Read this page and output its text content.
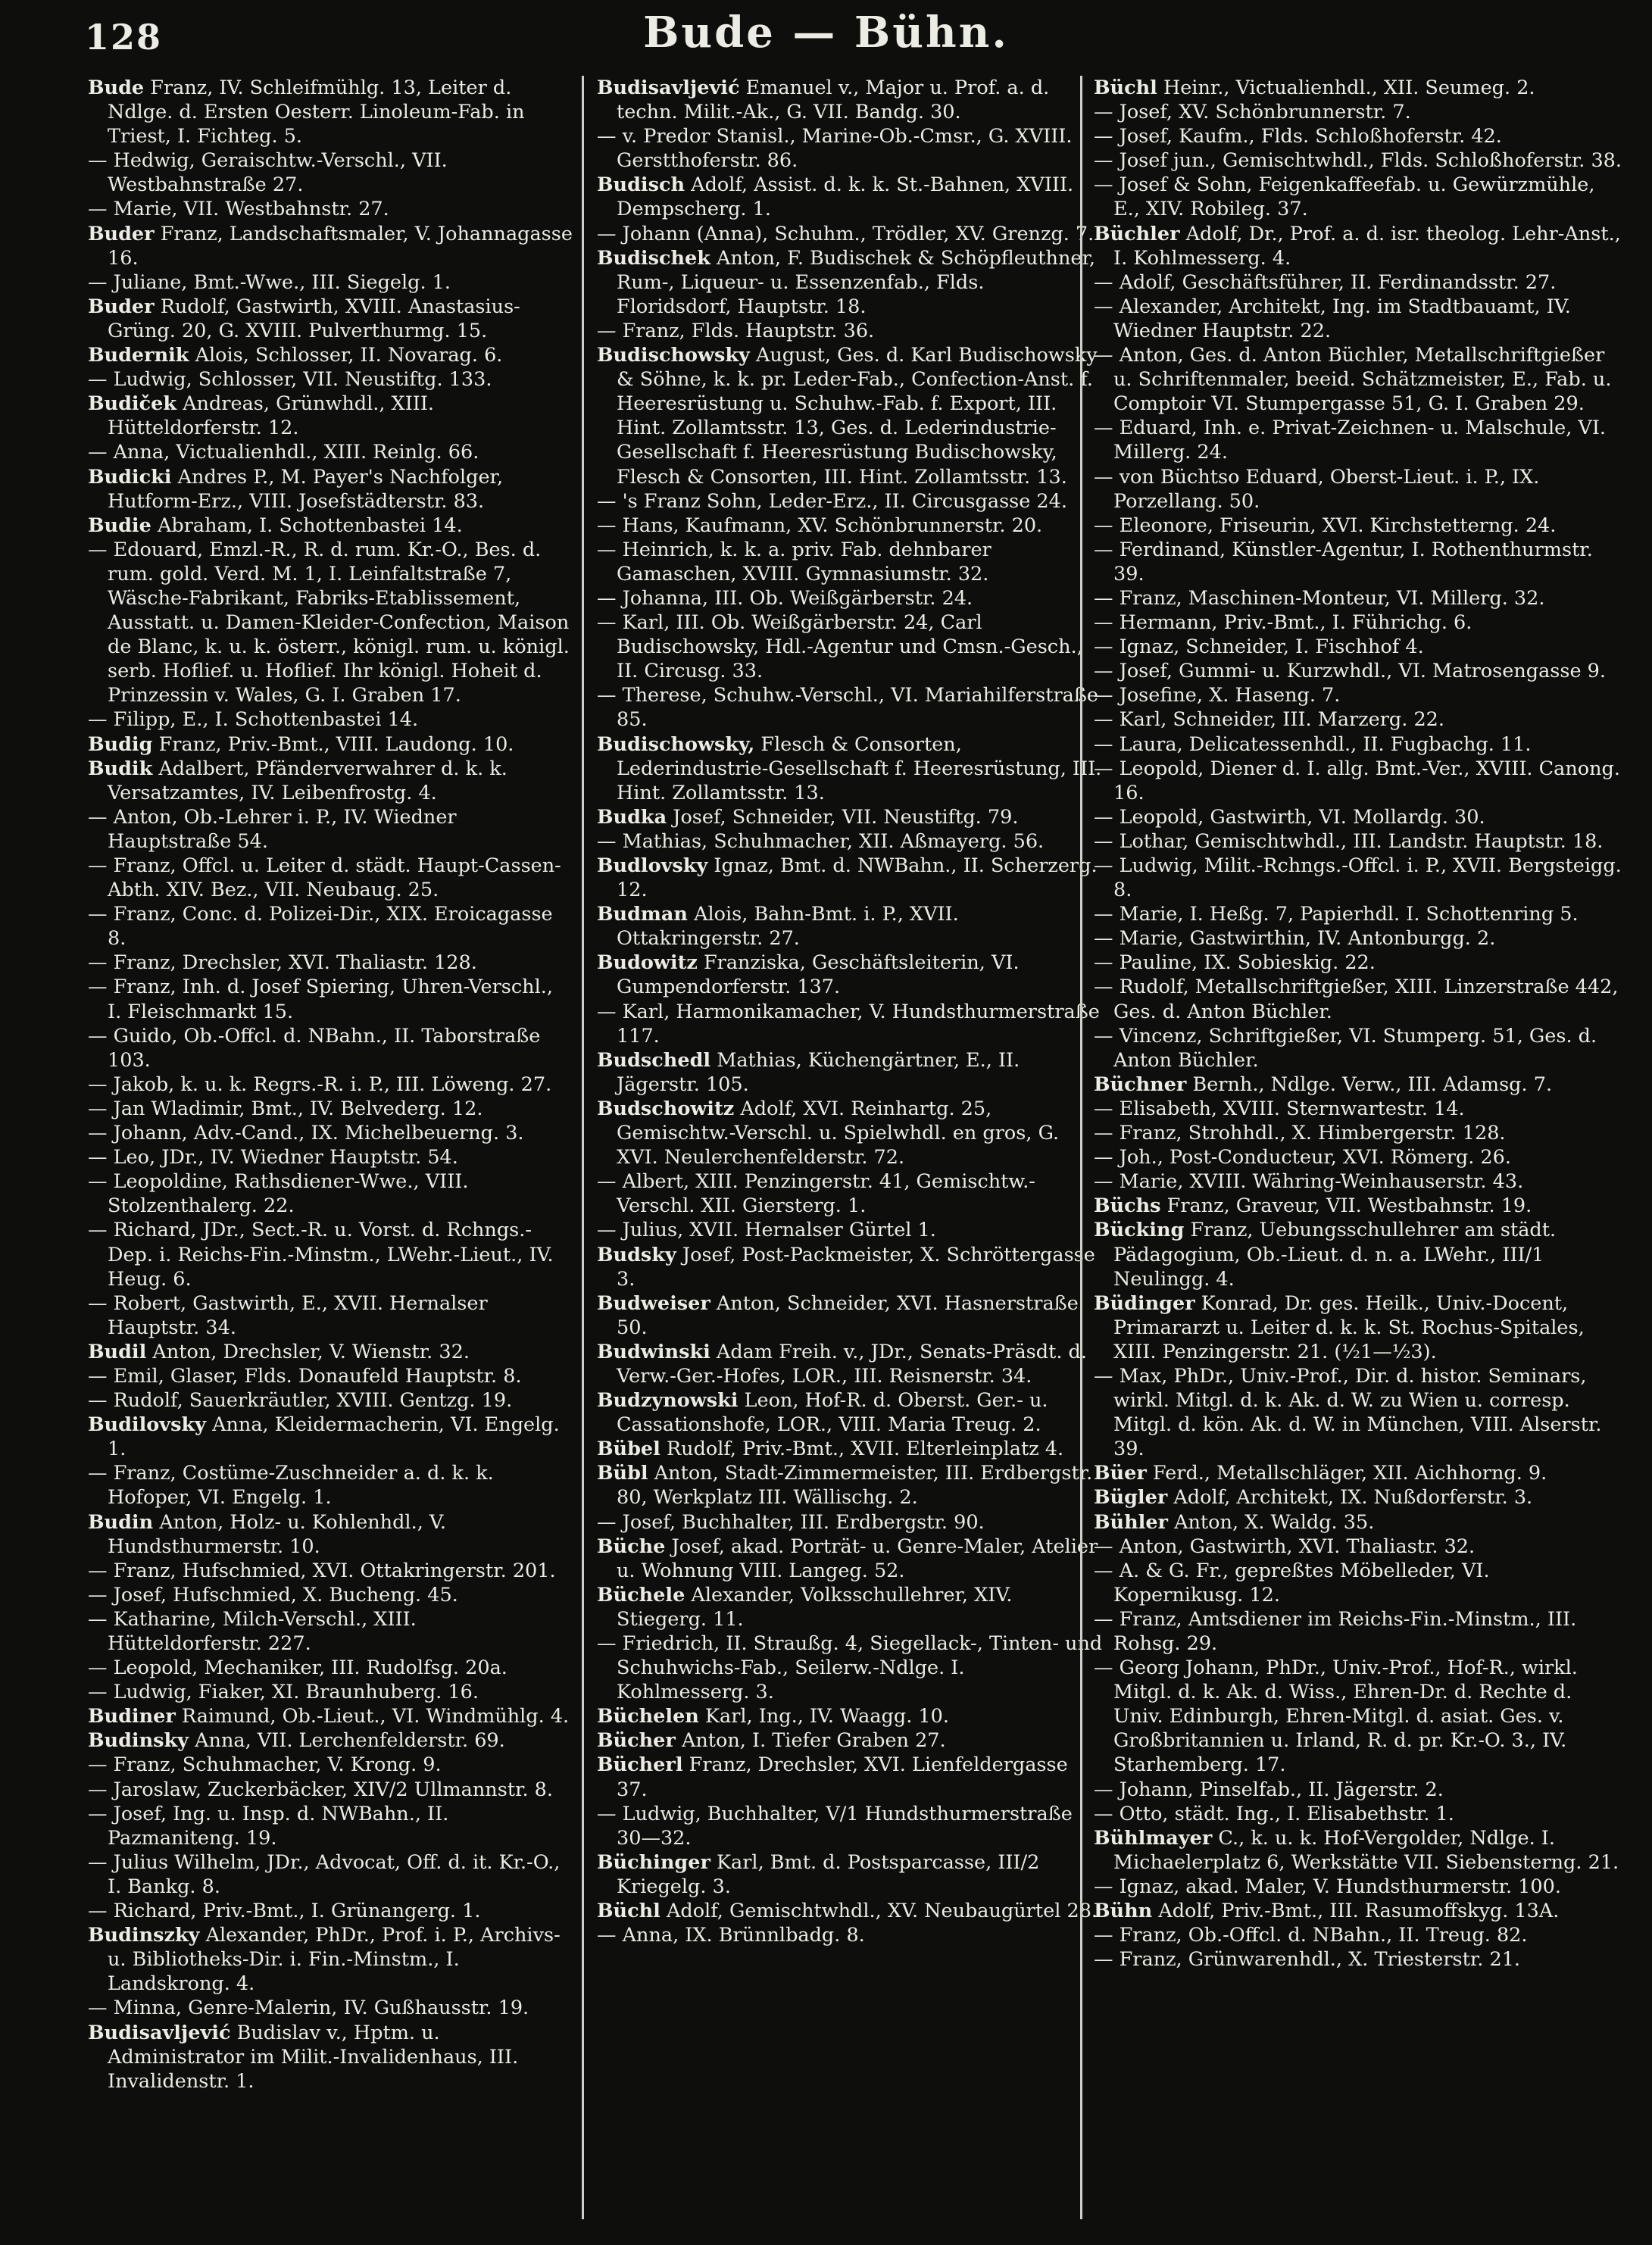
128	Bude — Bühn.

Bude Franz, IV. Schleifmühlg. 13, Leiter d. Ndlge. d. Ersten Oesterr. Linoleum-Fab. in Triest, I. Fichteg. 5.

— Hedwig, Geraischtw.-Verschl., VII. Westbahnstraße 27.

— Marie, VII. Westbahnstr. 27.

Buder Franz, Landschaftsmaler, V. Johannagasse 16.

— Juliane, Bmt.-Wwe., III. Siegelg. 1.

Buder Rudolf, Gastwirth, XVIII. Anastasius-Grüng. 20, G. XVIII. Pulverthurmg. 15.

Budernik Alois, Schlosser, II. Novarag. 6.

— Ludwig, Schlosser, VII. Neustiftg. 133.

Budiček Andreas, Grünwhdl., XIII. Hütteldorferstr. 12.

— Anna, Victualienhdl., XIII. Reinlg. 66.

Budicki Andres P., M. Payer's Nachfolger, Hutform-Erz., VIII. Josefstädterstr. 83.

Budie Abraham, I. Schottenbastei 14.

— Edouard, Emzl.-R., R. d. rum. Kr.-O., Bes. d. rum. gold. Verd. M. 1, I. Leinfaltstraße 7, Wäsche-Fabrikant, Fabriks-Etablissement, Ausstatt. u. Damen-Kleider-Confection, Maison de Blanc, k. u. k. österr., königl. rum. u. königl. serb. Hoflief. u. Hoflief. Ihr königl. Hoheit d. Prinzessin v. Wales, G. I. Graben 17.

— Filipp, E., I. Schottenbastei 14.

Budig Franz, Priv.-Bmt., VIII. Laudong. 10.

Budik Adalbert, Pfänderverwahrer d. k. k. Versatzamtes, IV. Leibenfrostg. 4.

— Anton, Ob.-Lehrer i. P., IV. Wiedner Hauptstraße 54.

— Franz, Offcl. u. Leiter d. städt. Haupt-Cassen-Abth. XIV. Bez., VII. Neubaug. 25.

— Franz, Conc. d. Polizei-Dir., XIX. Eroicagasse 8.

— Franz, Drechsler, XVI. Thaliastr. 128.

— Franz, Inh. d. Josef Spiering, Uhren-Verschl., I. Fleischmarkt 15.

— Guido, Ob.-Offcl. d. NBahn., II. Taborstraße 103.

— Jakob, k. u. k. Regrs.-R. i. P., III. Löweng. 27.

— Jan Wladimir, Bmt., IV. Belvederg. 12.

— Johann, Adv.-Cand., IX. Michelbeuerng. 3.

— Leo, JDr., IV. Wiedner Hauptstr. 54.

— Leopoldine, Rathsdiener-Wwe., VIII. Stolzenthalerg. 22.

— Richard, JDr., Sect.-R. u. Vorst. d. Rchngs.-Dep. i. Reichs-Fin.-Minstm., LWehr.-Lieut., IV. Heug. 6.

— Robert, Gastwirth, E., XVII. Hernalser Hauptstr. 34.

Budil Anton, Drechsler, V. Wienstr. 32.

— Emil, Glaser, Flds. Donaufeld Hauptstr. 8.

— Rudolf, Sauerkräutler, XVIII. Gentzg. 19.

Budilovsky Anna, Kleidermacherin, VI. Engelg. 1.

— Franz, Costüme-Zuschneider a. d. k. k. Hofoper, VI. Engelg. 1.

Budin Anton, Holz- u. Kohlenhdl., V. Hundsthurmerstr. 10.

— Franz, Hufschmied, XVI. Ottakringerstr. 201.

— Josef, Hufschmied, X. Bucheng. 45.

— Katharine, Milch-Verschl., XIII. Hütteldorferstr. 227.

— Leopold, Mechaniker, III. Rudolfsg. 20a.

— Ludwig, Fiaker, XI. Braunhuberg. 16.

Budiner Raimund, Ob.-Lieut., VI. Windmühlg. 4.

Budinsky Anna, VII. Lerchenfelderstr. 69.

— Franz, Schuhmacher, V. Krong. 9.

— Jaroslaw, Zuckerbäcker, XIV/2 Ullmannstr. 8.

— Josef, Ing. u. Insp. d. NWBahn., II. Pazmaniteng. 19.

— Julius Wilhelm, JDr., Advocat, Off. d. it. Kr.-O., I. Bankg. 8.

— Richard, Priv.-Bmt., I. Grünangerg. 1.

Budinszky Alexander, PhDr., Prof. i. P., Archivs- u. Bibliotheks-Dir. i. Fin.-Minstm., I. Landskrong. 4.

— Minna, Genre-Malerin, IV. Gußhausstr. 19.

Budisavljević Budislav v., Hptm. u. Administrator im Milit.-Invalidenhaus, III. Invalidenstr. 1.

Budisavljević Emanuel v., Major u. Prof. a. d. techn. Milit.-Ak., G. VII. Bandg. 30.

— v. Predor Stanisl., Marine-Ob.-Cmsr., G. XVIII. Gerstthoferstr. 86.

Budisch Adolf, Assist. d. k. k. St.-Bahnen, XVIII. Dempscherg. 1.

— Johann (Anna), Schuhm., Trödler, XV. Grenzg. 7.

Budischek Anton, F. Budischek & Schöpfleuthner, Rum-, Liqueur- u. Essenzenfab., Flds. Floridsdorf, Hauptstr. 18.

— Franz, Flds. Hauptstr. 36.

Budischowsky August, Ges. d. Karl Budischowsky & Söhne, k. k. pr. Leder-Fab., Confection-Anst. f. Heeresrüstung u. Schuhw.-Fab. f. Export, III. Hint. Zollamtsstr. 13, Ges. d. Lederindustrie-Gesellschaft f. Heeresrüstung Budischowsky, Flesch & Consorten, III. Hint. Zollamtsstr. 13.

— 's Franz Sohn, Leder-Erz., II. Circusgasse 24.

— Hans, Kaufmann, XV. Schönbrunnerstr. 20.

— Heinrich, k. k. a. priv. Fab. dehnbarer Gamaschen, XVIII. Gymnasiumstr. 32.

— Johanna, III. Ob. Weißgärberstr. 24.

— Karl, III. Ob. Weißgärberstr. 24, Carl Budischowsky, Hdl.-Agentur und Cmsn.-Gesch., II. Circusg. 33.

— Therese, Schuhw.-Verschl., VI. Mariahilferstraße 85.

Budischowsky, Flesch & Consorten, Lederindustrie-Gesellschaft f. Heeresrüstung, III. Hint. Zollamtsstr. 13.

Budka Josef, Schneider, VII. Neustiftg. 79.

— Mathias, Schuhmacher, XII. Aßmayerg. 56.

Budlovsky Ignaz, Bmt. d. NWBahn., II. Scherzerg. 12.

Budman Alois, Bahn-Bmt. i. P., XVII. Ottakringerstr. 27.

Budowitz Franziska, Geschäftsleiterin, VI. Gumpendorferstr. 137.

— Karl, Harmonikamacher, V. Hundsthurmerstraße 117.

Budschedl Mathias, Küchengärtner, E., II. Jägerstr. 105.

Budschowitz Adolf, XVI. Reinhartg. 25, Gemischtw.-Verschl. u. Spielwhdl. en gros, G. XVI. Neulerchenfelderstr. 72.

— Albert, XIII. Penzingerstr. 41, Gemischtw.-Verschl. XII. Giersterg. 1.

— Julius, XVII. Hernalser Gürtel 1.

Budsky Josef, Post-Packmeister, X. Schröttergasse 3.

Budweiser Anton, Schneider, XVI. Hasnerstraße 50.

Budwinski Adam Freih. v., JDr., Senats-Präsdt. d. Verw.-Ger.-Hofes, LOR., III. Reisnerstr. 34.

Budzynowski Leon, Hof-R. d. Oberst. Ger.- u. Cassationshofe, LOR., VIII. Maria Treug. 2.

Bübel Rudolf, Priv.-Bmt., XVII. Elterleinplatz 4.

Bübl Anton, Stadt-Zimmermeister, III. Erdbergstr. 80, Werkplatz III. Wällischg. 2.

— Josef, Buchhalter, III. Erdbergstr. 90.

Büche Josef, akad. Porträt- u. Genre-Maler, Atelier u. Wohnung VIII. Langeg. 52.

Büchele Alexander, Volksschullehrer, XIV. Stiegerg. 11.

— Friedrich, II. Straußg. 4, Siegellack-, Tinten- und Schuhwichs-Fab., Seilerw.-Ndlge. I. Kohlmesserg. 3.

Büchelen Karl, Ing., IV. Waagg. 10.

Bücher Anton, I. Tiefer Graben 27.

Bücherl Franz, Drechsler, XVI. Lienfeldergasse 37.

— Ludwig, Buchhalter, V/1 Hundsthurmerstraße 30—32.

Büchinger Karl, Bmt. d. Postsparcasse, III/2 Kriegelg. 3.

Büchl Adolf, Gemischtwhdl., XV. Neubaugürtel 28.

— Anna, IX. Brünnlbadg. 8.

Büchl Heinr., Victualienhdl., XII. Seumeg. 2.

— Josef, XV. Schönbrunnerstr. 7.

— Josef, Kaufm., Flds. Schloßhoferstr. 42.

— Josef jun., Gemischtwhdl., Flds. Schloßhoferstr. 38.

— Josef & Sohn, Feigenkaffeefab. u. Gewürzmühle, E., XIV. Robileg. 37.

Büchler Adolf, Dr., Prof. a. d. isr. theolog. Lehr-Anst., I. Kohlmesserg. 4.

— Adolf, Geschäftsführer, II. Ferdinandsstr. 27.

— Alexander, Architekt, Ing. im Stadtbauamt, IV. Wiedner Hauptstr. 22.

— Anton, Ges. d. Anton Büchler, Metallschriftgießer u. Schriftenmaler, beeid. Schätzmeister, E., Fab. u. Comptoir VI. Stumpergasse 51, G. I. Graben 29.

— Eduard, Inh. e. Privat-Zeichnen- u. Malschule, VI. Millerg. 24.

— von Büchtso Eduard, Oberst-Lieut. i. P., IX. Porzellang. 50.

— Eleonore, Friseurin, XVI. Kirchstetterng. 24.

— Ferdinand, Künstler-Agentur, I. Rothenthurmstr. 39.

— Franz, Maschinen-Monteur, VI. Millerg. 32.

— Hermann, Priv.-Bmt., I. Führichg. 6.

— Ignaz, Schneider, I. Fischhof 4.

— Josef, Gummi- u. Kurzwhdl., VI. Matrosengasse 9.

— Josefine, X. Haseng. 7.

— Karl, Schneider, III. Marzerg. 22.

— Laura, Delicatessenhdl., II. Fugbachg. 11.

— Leopold, Diener d. I. allg. Bmt.-Ver., XVIII. Canong. 16.

— Leopold, Gastwirth, VI. Mollardg. 30.

— Lothar, Gemischtwhdl., III. Landstr. Hauptstr. 18.

— Ludwig, Milit.-Rchngs.-Offcl. i. P., XVII. Bergsteigg. 8.

— Marie, I. Heßg. 7, Papierhdl. I. Schottenring 5.

— Marie, Gastwirthin, IV. Antonburgg. 2.

— Pauline, IX. Sobieskig. 22.

— Rudolf, Metallschriftgießer, XIII. Linzerstraße 442, Ges. d. Anton Büchler.

— Vincenz, Schriftgießer, VI. Stumperg. 51, Ges. d. Anton Büchler.

Büchner Bernh., Ndlge. Verw., III. Adamsg. 7.

— Elisabeth, XVIII. Sternwartestr. 14.

— Franz, Strohhdl., X. Himbergerstr. 128.

— Joh., Post-Conducteur, XVI. Römerg. 26.

— Marie, XVIII. Währing-Weinhauserstr. 43.

Büchs Franz, Graveur, VII. Westbahnstr. 19.

Bücking Franz, Uebungsschullehrer am städt. Pädagogium, Ob.-Lieut. d. n. a. LWehr., III/1 Neulingg. 4.

Büdinger Konrad, Dr. ges. Heilk., Univ.-Docent, Primararzt u. Leiter d. k. k. St. Rochus-Spitales, XIII. Penzingerstr. 21. (½1—½3).

— Max, PhDr., Univ.-Prof., Dir. d. histor. Seminars, wirkl. Mitgl. d. k. Ak. d. W. zu Wien u. corresp. Mitgl. d. kön. Ak. d. W. in München, VIII. Alserstr. 39.

Büer Ferd., Metallschläger, XII. Aichhorng. 9.

Bügler Adolf, Architekt, IX. Nußdorferstr. 3.

Bühler Anton, X. Waldg. 35.

— Anton, Gastwirth, XVI. Thaliastr. 32.

— A. & G. Fr., gepreßtes Möbelleder, VI. Kopernikusg. 12.

— Franz, Amtsdiener im Reichs-Fin.-Minstm., III. Rohsg. 29.

— Georg Johann, PhDr., Univ.-Prof., Hof-R., wirkl. Mitgl. d. k. Ak. d. Wiss., Ehren-Dr. d. Rechte d. Univ. Edinburgh, Ehren-Mitgl. d. asiat. Ges. v. Großbritannien u. Irland, R. d. pr. Kr.-O. 3., IV. Starhemberg. 17.

— Johann, Pinselfab., II. Jägerstr. 2.

— Otto, städt. Ing., I. Elisabethstr. 1.

Bühlmayer C., k. u. k. Hof-Vergolder, Ndlge. I. Michaelerplatz 6, Werkstätte VII. Siebensterng. 21.

— Ignaz, akad. Maler, V. Hundsthurmerstr. 100.

Bühn Adolf, Priv.-Bmt., III. Rasumoffskyg. 13A.

— Franz, Ob.-Offcl. d. NBahn., II. Treug. 82.

— Franz, Grünwarenhdl., X. Triesterstr. 21.
